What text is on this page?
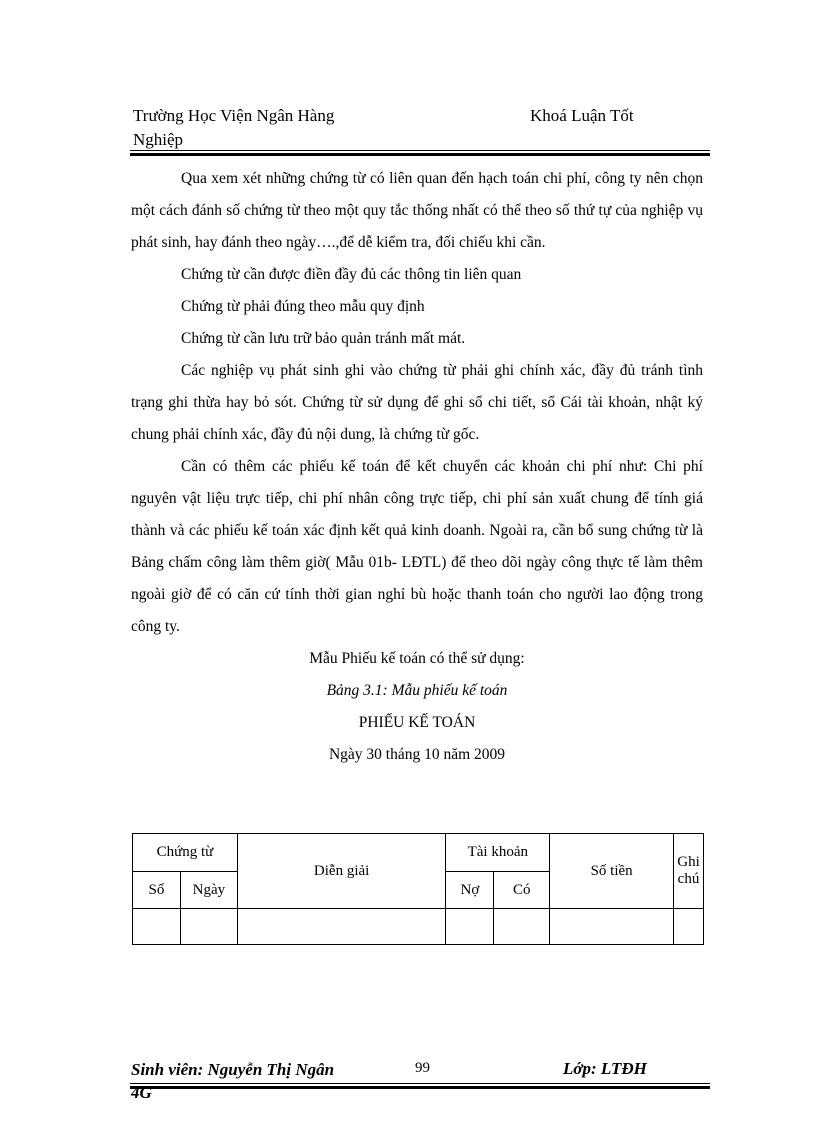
Trường Học Viện Ngân Hàng Nghiệp
Khoá Luận Tốt

Qua xem xét những chứng từ có liên quan đến hạch toán chi phí, công ty nên chọn một cách đánh số chứng từ theo một quy tắc thống nhất có thể theo số thứ tự của nghiệp vụ phát sinh, hay đánh theo ngày….,để dễ kiểm tra, đối chiếu khi cần.

Chứng từ cần được điền đầy đủ các thông tin liên quan

Chứng từ phải đúng theo mẫu quy định

Chứng từ cần lưu trữ bảo quản tránh mất mát.

Các nghiệp vụ phát sinh ghi vào chứng từ phải ghi chính xác, đầy đủ tránh tình trạng ghi thừa hay bỏ sót. Chứng từ sử dụng để ghi sổ chi tiết, sổ Cái tài khoản, nhật ký chung phải chính xác, đầy đủ nội dung, là chứng từ gốc.

Cần có thêm các phiếu kế toán để kết chuyển các khoản chi phí như: Chi phí nguyên vật liệu trực tiếp, chi phí nhân công trực tiếp, chi phí sản xuất chung để tính giá thành và các phiếu kế toán xác định kết quả kinh doanh. Ngoài ra, cần bổ sung chứng từ là Bảng chấm công làm thêm giờ( Mẫu 01b- LĐTL) để theo dõi ngày công thực tế làm thêm ngoài giờ để có căn cứ tính thời gian nghỉ bù hoặc thanh toán cho người lao động trong công ty.

Mẫu Phiếu kế toán có thể sử dụng:

Bảng 3.1: Mẫu phiếu kế toán

PHIẾU KẾ TOÁN

Ngày 30 tháng 10 năm 2009

Chứng từ		Diễn giải	Tài khoản		Số tiền	Ghi chú
Số	Ngày		Nợ	Có		

Sinh viên: Nguyễn Thị Ngân	99	Lớp: LTĐH
4G
